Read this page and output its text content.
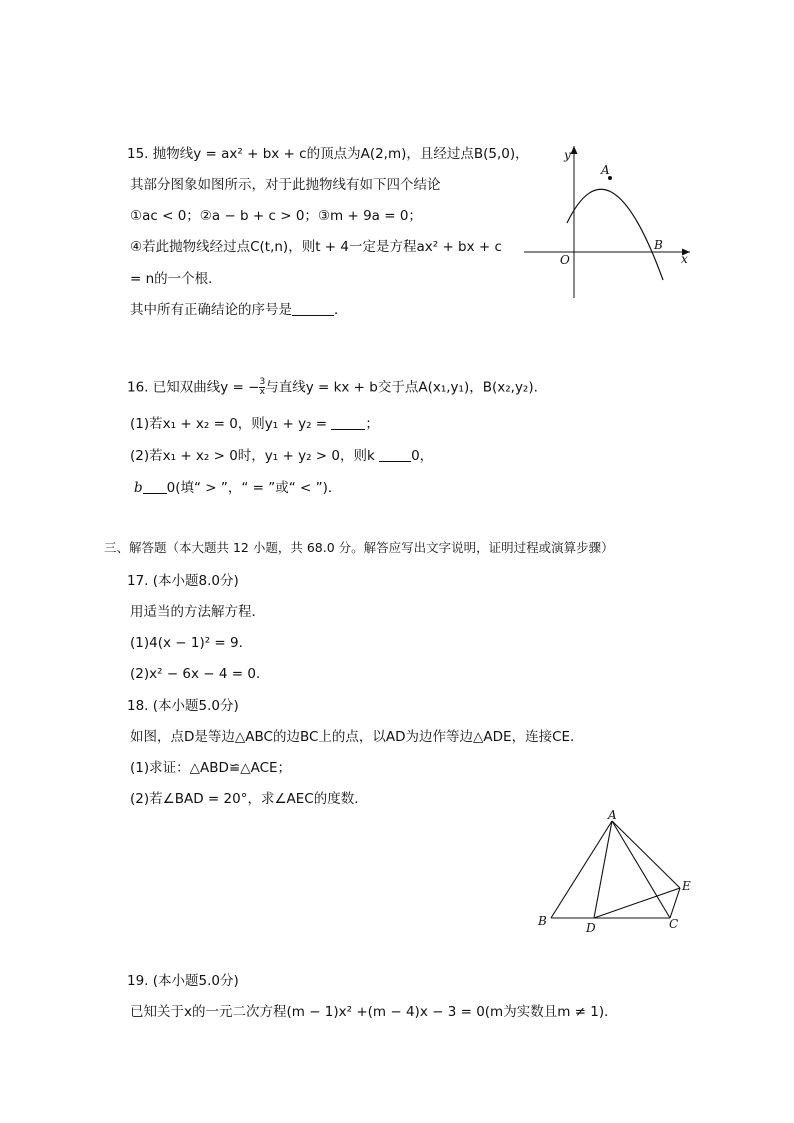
15. 抛物线y = ax² + bx + c的顶点为A(2,m)，且经过点B(5,0)，
其部分图象如图所示，对于此抛物线有如下四个结论
①ac < 0；②a − b + c > 0；③m + 9a = 0；
④若此抛物线经过点C(t,n)，则t + 4一定是方程ax² + bx + c
= n的一个根．
其中所有正确结论的序号是	．
y
x
O
A
B
16. 已知双曲线y = − $\frac{3}{x}$ 与直线y = kx + b交于点A(x₁,y₁)，B(x₂,y₂).
(1)若x₁ + x₂ = 0，则y₁ + y₂ =	；
(2)若x₁ + x₂ > 0时，y₁ + y₂ > 0，则k 0，
b 0(填“ > ”，“ = ”或“ < ”)．
三、解答题（本大题共 12 小题，共 68.0 分。解答应写出文字说明，证明过程或演算步骤）
17. (本小题8.0分)
用适当的方法解方程．
(1)4(x − 1)² = 9．
(2)x² − 6x − 4 = 0．
18. (本小题5.0分)
如图，点D是等边△ABC的边BC上的点，以AD为边作等边△ADE，连接CE．
(1)求证：△ABD≌△ACE；
(2)若∠BAD = 20°，求∠AEC的度数．
A
B	C
D
E
19. (本小题5.0分)
已知关于x的一元二次方程(m − 1)x² +(m − 4)x − 3 = 0(m为实数且m ≠ 1)．
